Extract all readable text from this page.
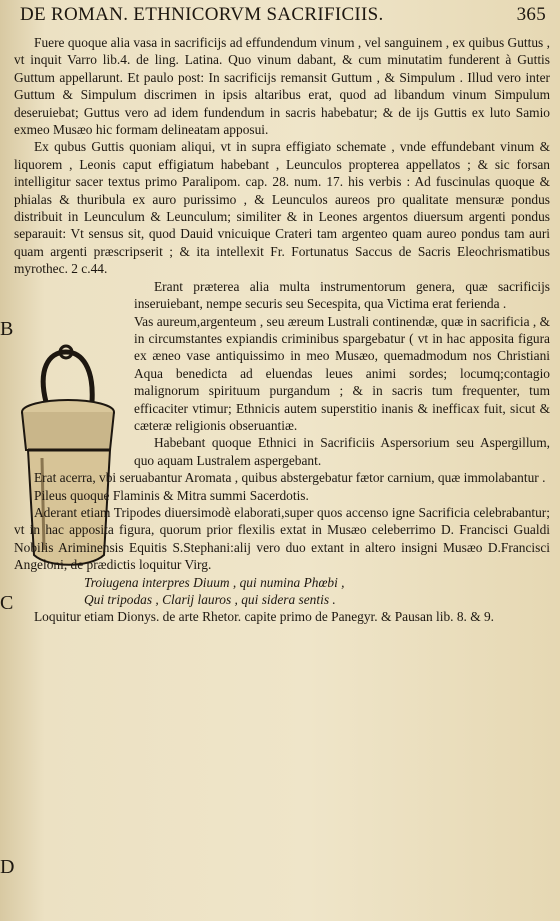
DE ROMAN. ETHNICORVM SACRIFICIIS.	365
B
C
D

Fuere quoque alia vasa in sacrificijs ad effundendum vinum , vel sanguinem , ex quibus Guttus , vt inquit Varro lib.4. de ling. Latina. Quo vinum dabant, & cum minutatim funderent à Guttis Guttum appellarunt. Et paulo post: In sacrificijs remansit Guttum , & Simpulum . Illud vero inter Guttum & Simpulum discrimen in ipsis altaribus erat, quod ad libandum vinum Simpulum deseruiebat; Guttus vero ad idem fundendum in sacris habebatur; & de ijs Guttis ex luto Samio exmeo Musæo hic formam delineatam apposui.

Ex qubus Guttis quoniam aliqui, vt in supra effigiato schemate , vnde effundebant vinum & liquorem , Leonis caput effigiatum habebant , Leunculos propterea appellatos ; & sic forsan intelligitur sacer textus primo Paralipom. cap. 28. num. 17. his verbis : Ad fuscinulas quoque & phialas & thuribula ex auro purissimo , & Leunculos aureos pro qualitate mensuræ pondus distribuit in Leunculum & Leunculum; similiter & in Leones argentos diuersum argenti pondus separauit: Vt sensus sit, quod Dauid vnicuique Crateri tam argenteo quam aureo pondus tam auri quam argenti præscripserit ; & ita intellexit Fr. Fortunatus Saccus de Sacris Eleochrismatibus myrothec. 2 c.44.

Erant præterea alia multa instrumentorum genera, quæ sacrificijs inseruiebant, nempe securis seu Secespita, qua Victima erat ferienda .

Vas aureum,argenteum , seu æreum Lustrali continendæ, quæ in sacrificia , & in circumstantes expiandis criminibus spargebatur ( vt in hac apposita figura ex æneo vase antiquissimo in meo Musæo, quemadmodum nos Christiani Aqua benedicta ad eluendas leues animi sordes; locumq;contagio malignorum spirituum purgandum ; & in sacris tum frequenter, tum efficaciter vtimur; Ethnicis autem superstitio inanis & inefficax fuit, sicut & cæteræ religionis obseruantiæ.

Habebant quoque Ethnici in Sacrificiis Aspersorium seu Aspergillum, quo aquam Lustralem aspergebant.

Erat acerra, vbi seruabantur Aromata , quibus abstergebatur fætor carnium, quæ immolabantur .

Pileus quoque Flaminis & Mitra summi Sacerdotis.

Aderant etiam Tripodes diuersimodè elaborati,super quos accenso igne Sacrificia celebrabantur; vt in hac apposita figura, quorum prior flexilis extat in Musæo celeberrimo D. Francisci Gualdi Nobilis Ariminensis Equitis S.Stephani:alij vero duo extant in altero insigni Musæo D.Francisci Angeloni, de prædictis loquitur Virg.

Troiugena interpres Diuum , qui numina Phœbi ,

Qui tripodas , Clarij lauros , qui sidera sentis .

Loquitur etiam Dionys. de arte Rhetor. capite primo de Panegyr. & Pausan lib. 8. & 9.
